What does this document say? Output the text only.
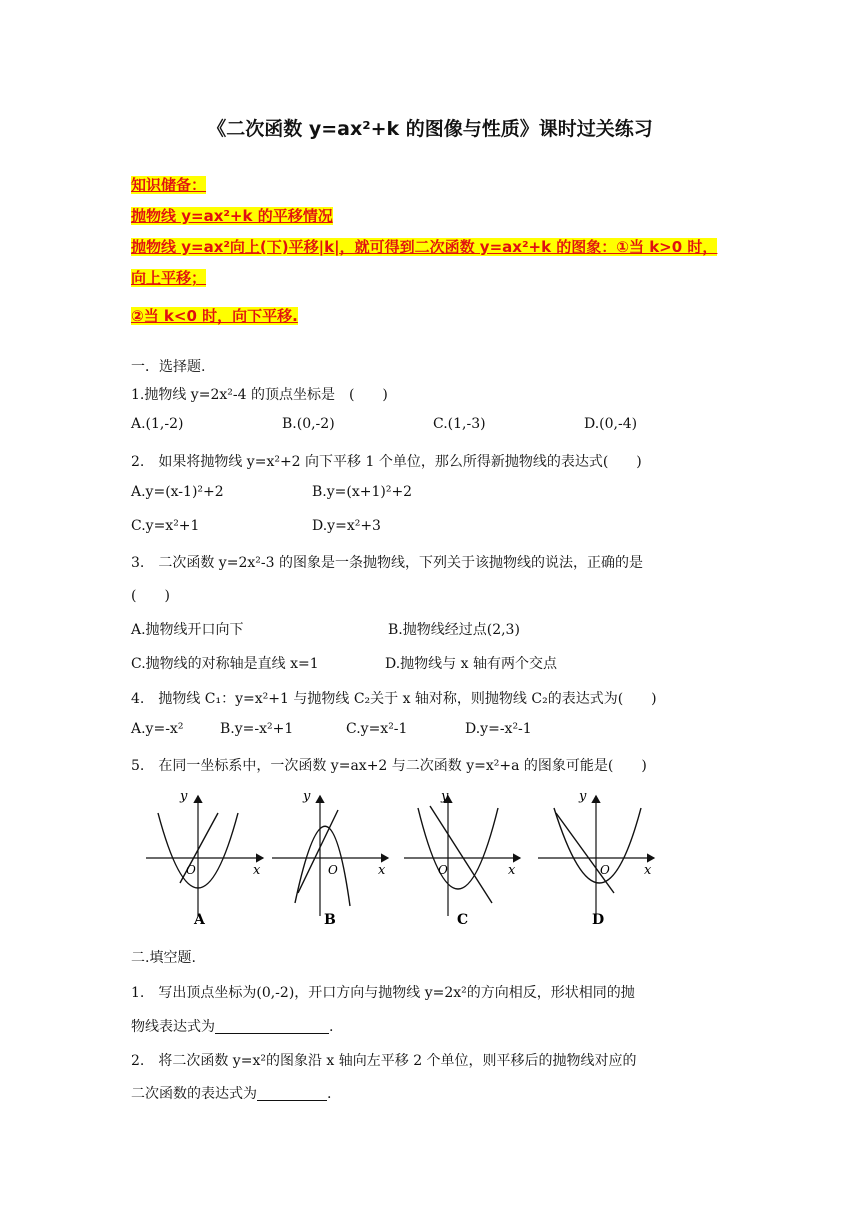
《二次函数 y=ax²+k 的图像与性质》课时过关练习
知识储备：
抛物线 y=ax²+k 的平移情况
抛物线 y=ax²向上(下)平移|k|，就可得到二次函数 y=ax²+k 的图象：①当 k>0 时，
向上平移；
②当 k<0 时，向下平移.
一．选择题.
1.抛物线 y=2x²-4 的顶点坐标是　(　　)
A.(1,-2)	B.(0,-2)	C.(1,-3)	D.(0,-4)
2.　如果将抛物线 y=x²+2 向下平移 1 个单位，那么所得新抛物线的表达式(　　)
A.y=(x-1)²+2	B.y=(x+1)²+2
C.y=x²+1	D.y=x²+3
3.　二次函数 y=2x²-3 的图象是一条抛物线，下列关于该抛物线的说法，正确的是
(　　)
A.抛物线开口向下	B.抛物线经过点(2,3)
C.抛物线的对称轴是直线 x=1	D.抛物线与 x 轴有两个交点
4.　抛物线 C₁：y=x²+1 与抛物线 C₂关于 x 轴对称，则抛物线 C₂的表达式为(　　)
A.y=-x²	B.y=-x²+1	C.y=x²-1	D.y=-x²-1
5.　在同一坐标系中，一次函数 y=ax+2 与二次函数 y=x²+a 的图象可能是(　　)
y
x
O
A
y
x
O
B
y
x
O
C
y
x
O
D
二.填空题.
1.　写出顶点坐标为(0,-2)，开口方向与抛物线 y=2x²的方向相反，形状相同的抛
物线表达式为	.
2.　将二次函数 y=x²的图象沿 x 轴向左平移 2 个单位，则平移后的抛物线对应的
二次函数的表达式为	.
